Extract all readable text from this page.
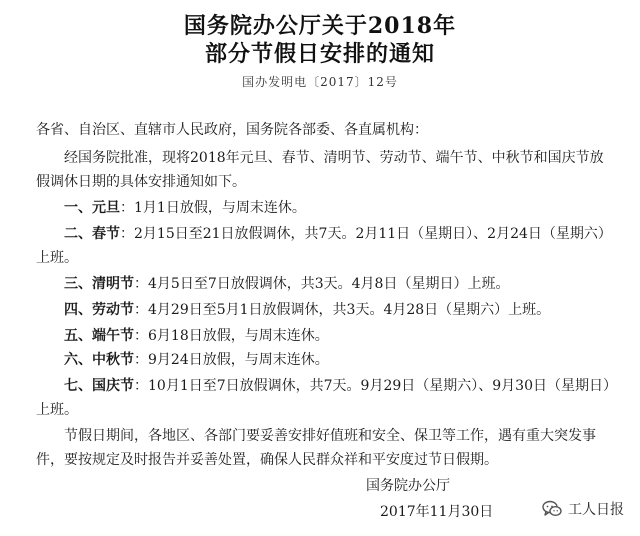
国务院办公厅关于2018年
部分节假日安排的通知
国办发明电〔2017〕12号
各省、自治区、直辖市人民政府，国务院各部委、各直属机构：
经国务院批准，现将2018年元旦、春节、清明节、劳动节、端午节、中秋节和国庆节放假调休日期的具体安排通知如下。
一、元旦：1月1日放假，与周末连休。
二、春节：2月15日至21日放假调休，共7天。2月11日（星期日）、2月24日（星期六）上班。
三、清明节：4月5日至7日放假调休，共3天。4月8日（星期日）上班。
四、劳动节：4月29日至5月1日放假调休，共3天。4月28日（星期六）上班。
五、端午节：6月18日放假，与周末连休。
六、中秋节：9月24日放假，与周末连休。
七、国庆节：10月1日至7日放假调休，共7天。9月29日（星期六）、9月30日（星期日）上班。
节假日期间，各地区、各部门要妥善安排好值班和安全、保卫等工作，遇有重大突发事件，要按规定及时报告并妥善处置，确保人民群众祥和平安度过节日假期。
国务院办公厅
2017年11月30日	工人日报
